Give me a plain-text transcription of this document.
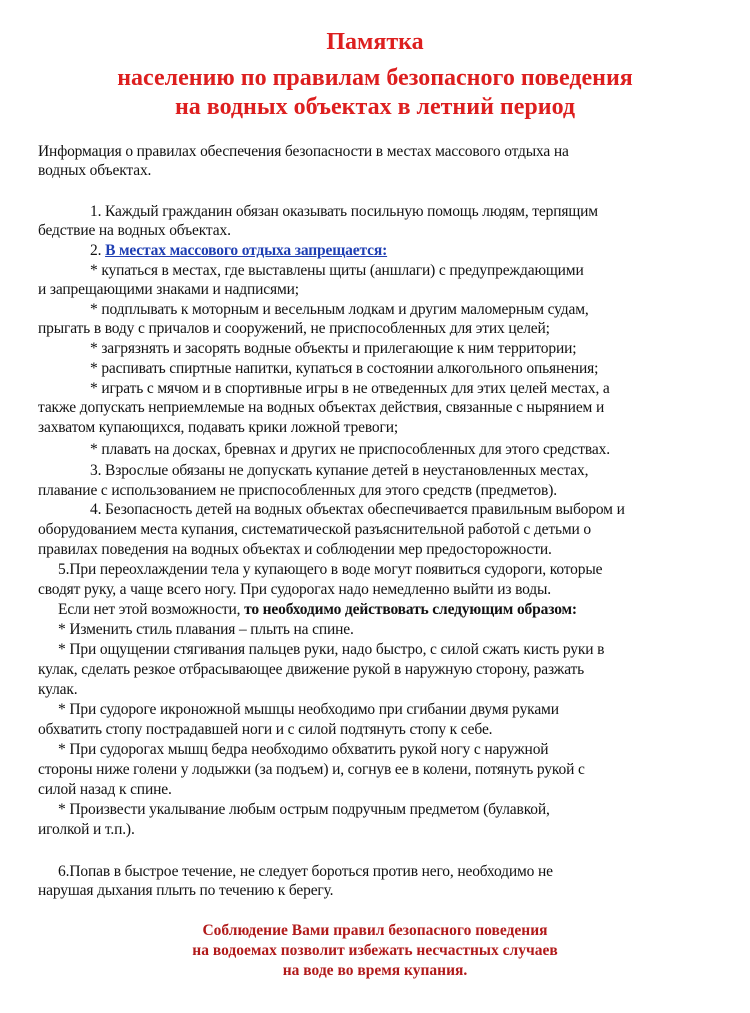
Памятка
населению по правилам безопасного поведения
на водных объектах в летний период
Информация о правилах обеспечения безопасности в местах массового отдыха на
водных объектах.
1. Каждый гражданин обязан оказывать посильную помощь людям, терпящим
бедствие на водных объектах.
2. В местах массового отдыха запрещается:
* купаться в местах, где выставлены щиты (аншлаги) с предупреждающими
и запрещающими знаками и надписями;
* подплывать к моторным и весельным лодкам и другим маломерным судам,
прыгать в воду с причалов и сооружений, не приспособленных для этих целей;
* загрязнять и засорять водные объекты и прилегающие к ним территории;
* распивать спиртные напитки, купаться в состоянии алкогольного опьянения;
* играть с мячом и в спортивные игры в не отведенных для этих целей местах, а
также допускать неприемлемые на водных объектах действия, связанные с нырянием и
захватом купающихся, подавать крики ложной тревоги;
* плавать на досках, бревнах и других не приспособленных для этого средствах.
3. Взрослые обязаны не допускать купание детей в неустановленных местах,
плавание с использованием не приспособленных для этого средств (предметов).
4. Безопасность детей на водных объектах обеспечивается правильным выбором и
оборудованием места купания, систематической разъяснительной работой с детьми о
правилах поведения на водных объектах и соблюдении мер предосторожности.
5.При переохлаждении тела у купающего в воде могут появиться судороги, которые
сводят руку, а чаще всего ногу. При судорогах надо немедленно выйти из воды.
Если нет этой возможности, то необходимо действовать следующим образом:
* Изменить стиль плавания – плыть на спине.
* При ощущении стягивания пальцев руки, надо быстро, с силой сжать кисть руки в
кулак, сделать резкое отбрасывающее движение рукой в наружную сторону, разжать
кулак.
* При судороге икроножной мышцы необходимо при сгибании двумя руками
обхватить стопу пострадавшей ноги и с силой подтянуть стопу к себе.
* При судорогах мышц бедра необходимо обхватить рукой ногу с наружной
стороны ниже голени у лодыжки (за подъем) и, согнув ее в колени, потянуть рукой с
силой назад к спине.
* Произвести укалывание любым острым подручным предметом (булавкой,
иголкой и т.п.).
6.Попав в быстрое течение, не следует бороться против него, необходимо не
нарушая дыхания плыть по течению к берегу.
Соблюдение Вами правил безопасного поведения
на водоемах позволит избежать несчастных случаев
на воде во время купания.
